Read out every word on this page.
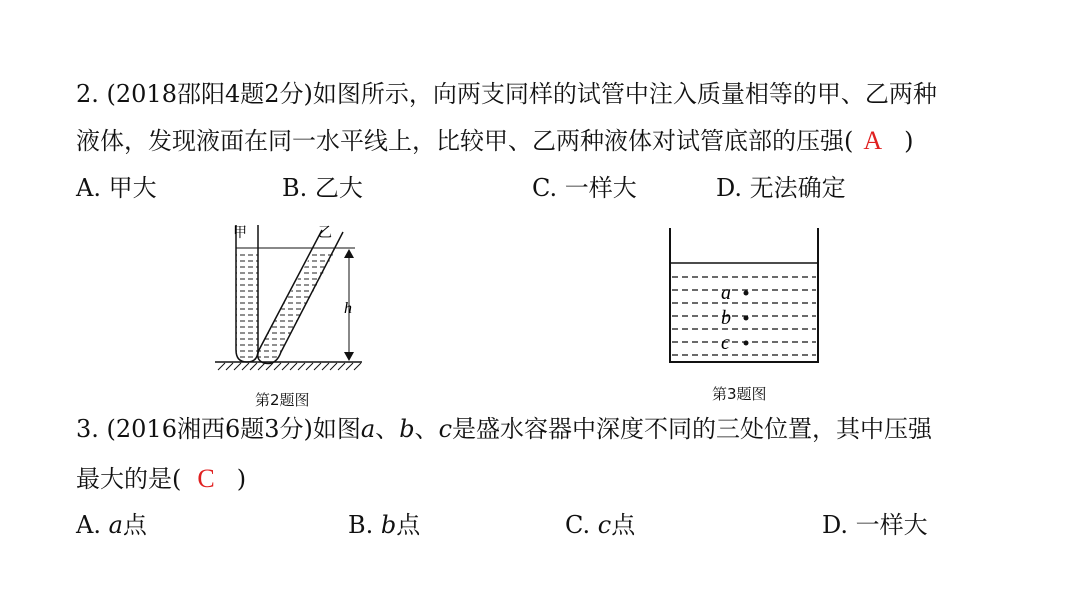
2. (2018邵阳4题2分)如图所示，向两支同样的试管中注入质量相等的甲、乙两种
液体，发现液面在同一水平线上，比较甲、乙两种液体对试管底部的压强( A )
A. 甲大	B. 乙大	C. 一样大	D. 无法确定
h
甲	乙
第2题图
a
b
c
第3题图
3. (2016湘西6题3分)如图a、b、c是盛水容器中深度不同的三处位置，其中压强
最大的是( C )
A. a点	B. b点	C. c点	D. 一样大
